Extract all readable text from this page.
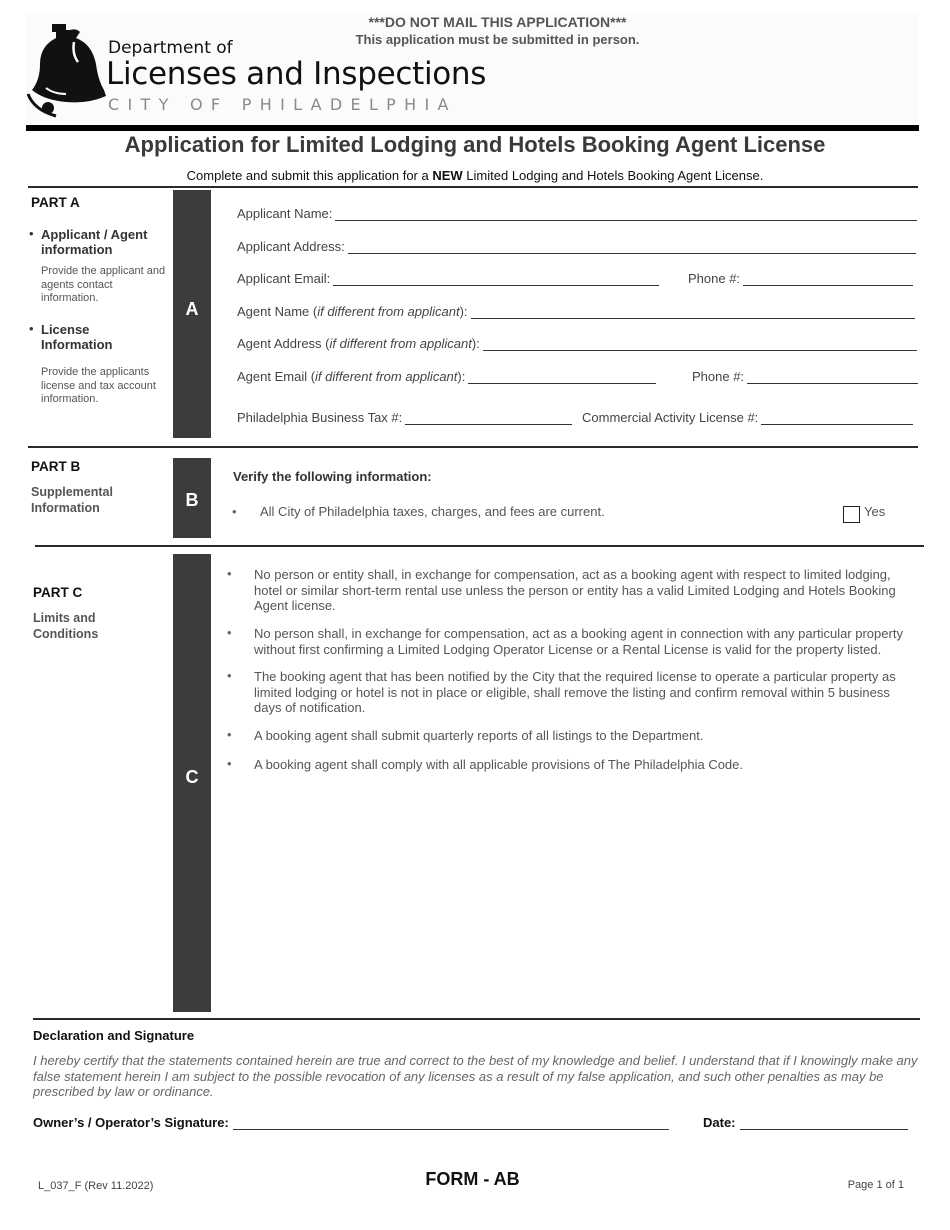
***DO NOT MAIL THIS APPLICATION***
This application must be submitted in person.
Department of
Licenses and Inspections
CITY OF PHILADELPHIA
Application for Limited Lodging and Hotels Booking Agent License
Complete and submit this application for a NEW Limited Lodging and Hotels Booking Agent License.
PART A
• Applicant / Agent information
Provide the applicant and agents contact information.
• License Information
Provide the applicants license and tax account information.
A
Applicant Name:
Applicant Address:
Applicant Email:	Phone #:
Agent Name ( if different from applicant ):
Agent Address ( if different from applicant ):
Agent Email ( if different from applicant ):	Phone #:
Philadelphia Business Tax #:	Commercial Activity License #:
PART B
Supplemental Information	B
Verify the following information:
• All City of Philadelphia taxes, charges, and fees are current.	Yes
PART C
Limits and Conditions
C
• No person or entity shall, in exchange for compensation, act as a booking agent with respect to limited lodging, hotel or similar short-term rental use unless the person or entity has a valid Limited Lodging and Hotels Booking Agent license.
• No person shall, in exchange for compensation, act as a booking agent in connection with any particular property without first confirming a Limited Lodging Operator License or a Rental License is valid for the property listed.
• The booking agent that has been notified by the City that the required license to operate a particular property as limited lodging or hotel is not in place or eligible, shall remove the listing and confirm removal within 5 business days of notification.
• A booking agent shall submit quarterly reports of all listings to the Department.
• A booking agent shall comply with all applicable provisions of The Philadelphia Code.
Declaration and Signature
I hereby certify that the statements contained herein are true and correct to the best of my knowledge and belief. I understand that if I knowingly make any false statement herein I am subject to the possible revocation of any licenses as a result of my false application, and such other penalties as may be prescribed by law or ordinance.
Owner’s / Operator’s Signature:	Date:
L_037_F (Rev 11.2022)	FORM - AB	Page 1 of 1
